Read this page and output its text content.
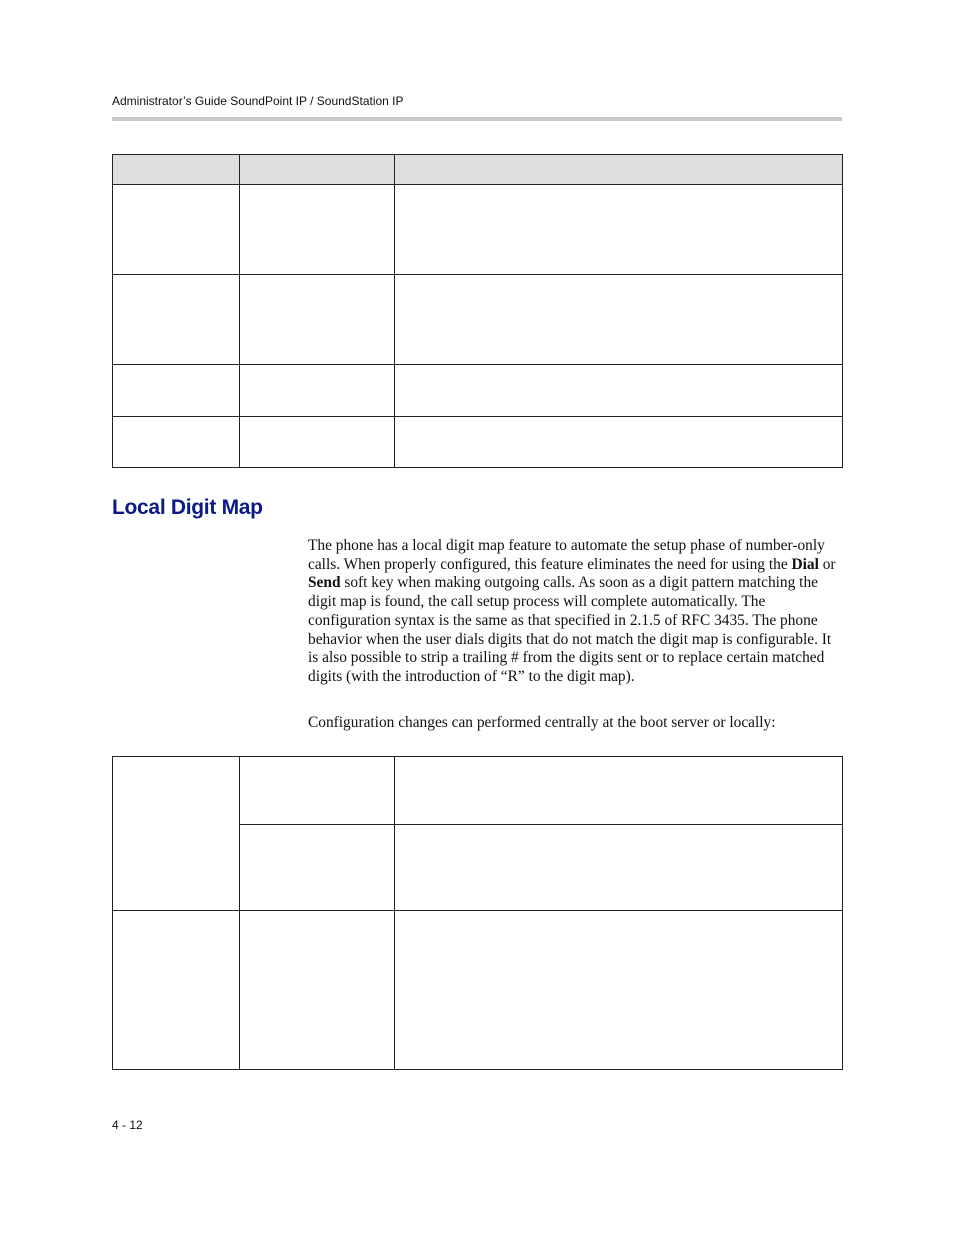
Administrator’s Guide SoundPoint IP / SoundStation IP

Local Digit Map

The phone has a local digit map feature to automate the setup phase of number-only calls. When properly configured, this feature eliminates the need for using the Dial or Send soft key when making outgoing calls. As soon as a digit pattern matching the digit map is found, the call setup process will complete automatically. The configuration syntax is the same as that specified in 2.1.5 of RFC 3435. The phone behavior when the user dials digits that do not match the digit map is configurable. It is also possible to strip a trailing # from the digits sent or to replace certain matched digits (with the introduction of “R” to the digit map).

Configuration changes can performed centrally at the boot server or locally:

4 - 12
